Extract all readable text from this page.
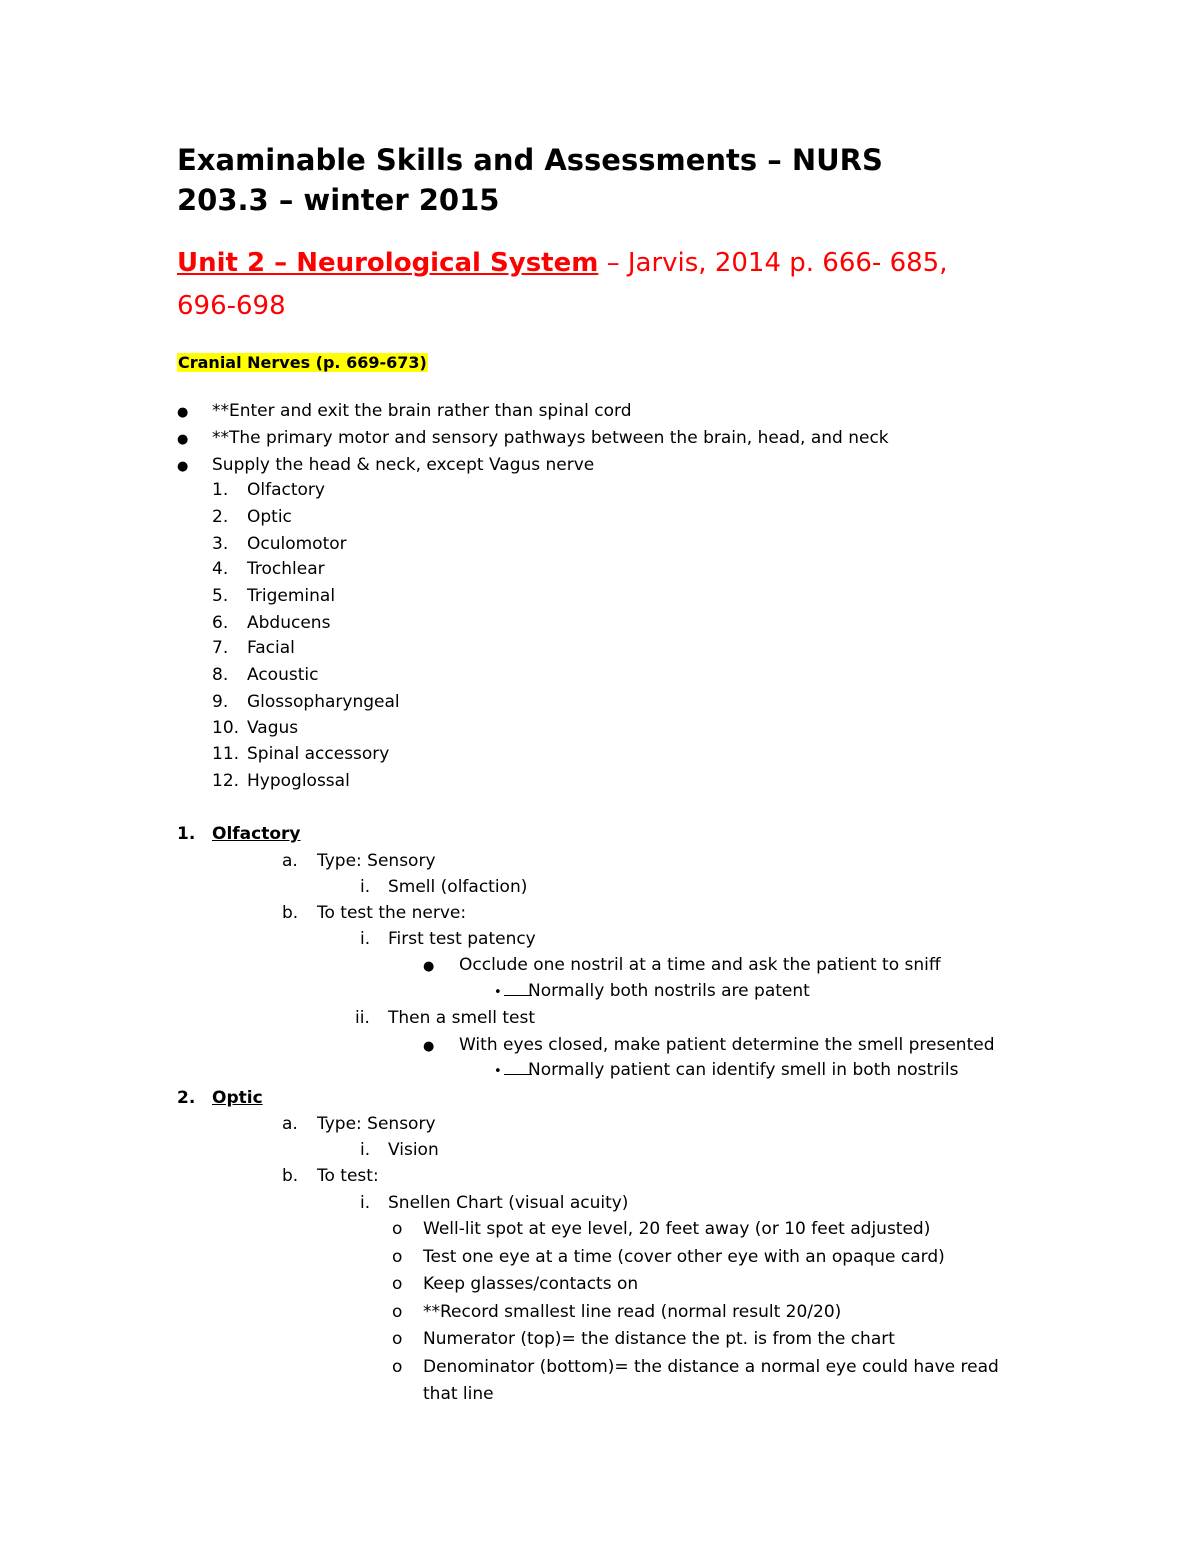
Examinable Skills and Assessments – NURS
203.3 – winter 2015
Unit 2 – Neurological System – Jarvis, 2014 p. 666- 685,
696-698
Cranial Nerves (p. 669-673)
● **Enter and exit the brain rather than spinal cord
● **The primary motor and sensory pathways between the brain, head, and neck
● Supply the head & neck, except Vagus nerve
1. Olfactory
2. Optic
3. Oculomotor
4. Trochlear
5. Trigeminal
6. Abducens
7. Facial
8. Acoustic
9. Glossopharyngeal
10. Vagus
11. Spinal accessory
12. Hypoglossal
1. Olfactory
a. Type: Sensory
i. Smell (olfaction)
b. To test the nerve:
i. First test patency
● Occlude one nostril at a time and ask the patient to sniff
•	Normally both nostrils are patent
ii. Then a smell test
● With eyes closed, make patient determine the smell presented
•	Normally patient can identify smell in both nostrils
2. Optic
a. Type: Sensory
i. Vision
b. To test:
i. Snellen Chart (visual acuity)
o Well-lit spot at eye level, 20 feet away (or 10 feet adjusted)
o Test one eye at a time (cover other eye with an opaque card)
o Keep glasses/contacts on
o **Record smallest line read (normal result 20/20)
o Numerator (top)= the distance the pt. is from the chart
o Denominator (bottom)= the distance a normal eye could have read
that line
